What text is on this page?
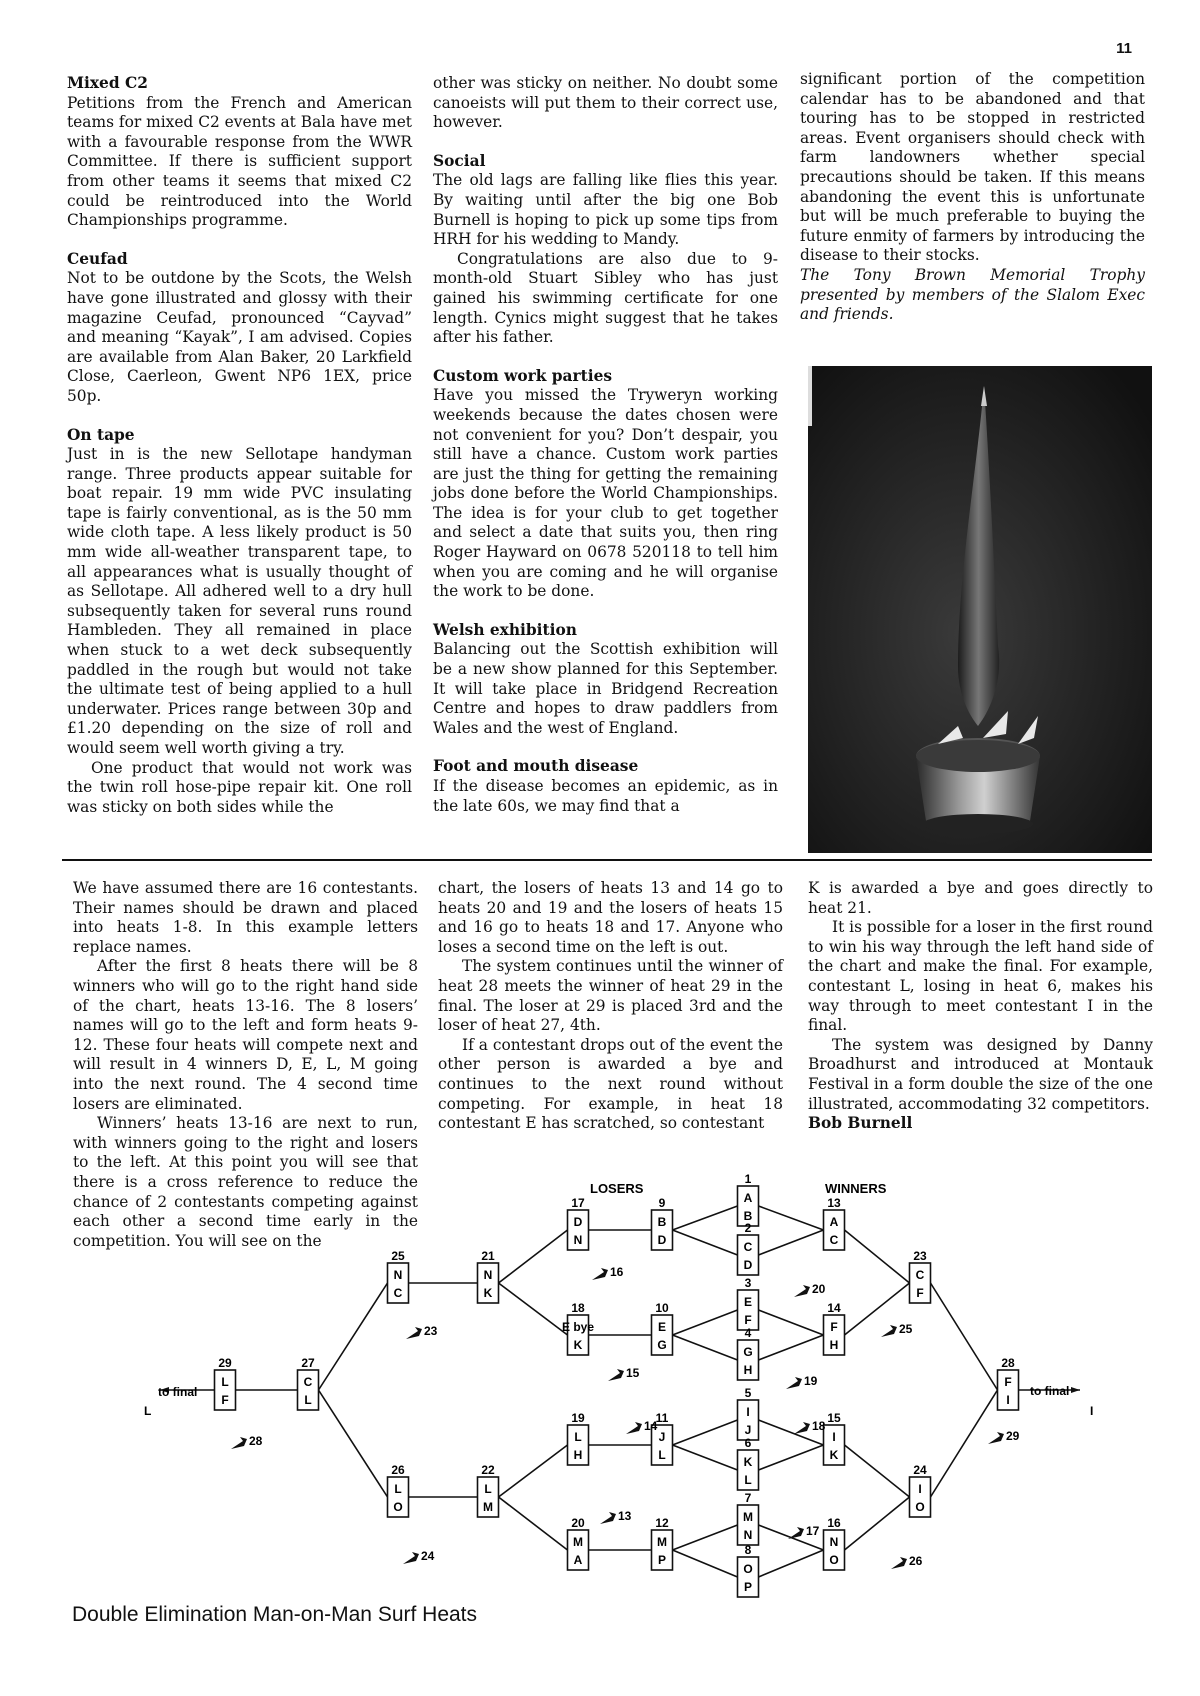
11
Mixed C2

Petitions from the French and American teams for mixed C2 events at Bala have met with a favourable response from the WWR Committee. If there is sufficient support from other teams it seems that mixed C2 could be reintroduced into the World Championships programme.

Ceufad

Not to be outdone by the Scots, the Welsh have gone illustrated and glossy with their magazine Ceufad, pronounced “Cayvad” and meaning “Kayak”, I am advised. Copies are available from Alan Baker, 20 Larkfield Close, Caerleon, Gwent NP6 1EX, price 50p.

On tape

Just in is the new Sellotape handyman range. Three products appear suitable for boat repair. 19 mm wide PVC insulating tape is fairly conventional, as is the 50 mm wide cloth tape. A less likely product is 50 mm wide all-weather transparent tape, to all appearances what is usually thought of as Sellotape. All adhered well to a dry hull subsequently taken for several runs round Hambleden. They all remained in place when stuck to a wet deck subsequently paddled in the rough but would not take the ultimate test of being applied to a hull underwater. Prices range between 30p and £1.20 depending on the size of roll and would seem well worth giving a try.

One product that would not work was the twin roll hose-pipe repair kit. One roll was sticky on both sides while the

other was sticky on neither. No doubt some canoeists will put them to their correct use, however.

Social

The old lags are falling like flies this year. By waiting until after the big one Bob Burnell is hoping to pick up some tips from HRH for his wedding to Mandy.

Congratulations are also due to 9-month-old Stuart Sibley who has just gained his swimming certificate for one length. Cynics might suggest that he takes after his father.

Custom work parties

Have you missed the Tryweryn working weekends because the dates chosen were not convenient for you? Don’t despair, you still have a chance. Custom work parties are just the thing for getting the remaining jobs done before the World Championships. The idea is for your club to get together and select a date that suits you, then ring Roger Hayward on 0678 520118 to tell him when you are coming and he will organise the work to be done.

Welsh exhibition

Balancing out the Scottish exhibition will be a new show planned for this September. It will take place in Bridgend Recreation Centre and hopes to draw paddlers from Wales and the west of England.

Foot and mouth disease

If the disease becomes an epidemic, as in the late 60s, we may find that a

significant portion of the competition calendar has to be abandoned and that touring has to be stopped in restricted areas. Event organisers should check with farm landowners whether special precautions should be taken. If this means abandoning the event this is unfortunate but will be much preferable to buying the future enmity of farmers by introducing the disease to their stocks.

The Tony Brown Memorial Trophy presented by members of the Slalom Exec and friends.

We have assumed there are 16 contestants. Their names should be drawn and placed into heats 1-8. In this example letters replace names.

After the first 8 heats there will be 8 winners who will go to the right hand side of the chart, heats 13-16. The 8 losers’ names will go to the left and form heats 9-12. These four heats will compete next and will result in 4 winners D, E, L, M going into the next round. The 4 second time losers are eliminated.

Winners’ heats 13-16 are next to run, with winners going to the right and losers to the left. At this point you will see that there is a cross reference to reduce the chance of 2 contestants competing against each other a second time early in the competition. You will see on the

chart, the losers of heats 13 and 14 go to heats 20 and 19 and the losers of heats 15 and 16 go to heats 18 and 17. Anyone who loses a second time on the left is out.

The system continues until the winner of heat 28 meets the winner of heat 29 in the final. The loser at 29 is placed 3rd and the loser of heat 27, 4th.

If a contestant drops out of the event the other person is awarded a bye and continues to the next round without competing. For example, in heat 18 contestant E has scratched, so contestant

K is awarded a bye and goes directly to heat 21.

It is possible for a loser in the first round to win his way through the left hand side of the chart and make the final. For example, contestant L, losing in heat 6, makes his way through to meet contestant I in the final.

The system was designed by Danny Broadhurst and introduced at Montauk Festival in a form double the size of the one illustrated, accommodating 32 competitors.

Bob Burnell
1
A
B
2
C
D
3
E
F
4
G
H
5
I
J
6
K
L
7
M
N
8
O
P
9
B
D
10
E
G
11
J
L
12
M
P
13
A
C
14
F
H
15
I
K
16
N
O
17
D
N
18
E bye
K
19
L
H
20
M
A
21
N
K
22
L
M
23
C
F
24
I
O
25
N
C
26
L
O
27
C
L
28
F
I
29
L
F
16
20
15
19
25
14	18
13
17
26
23
28
24
29
LOSERS	WINNERS
to final	to final
L	I
Double Elimination Man-on-Man Surf Heats
